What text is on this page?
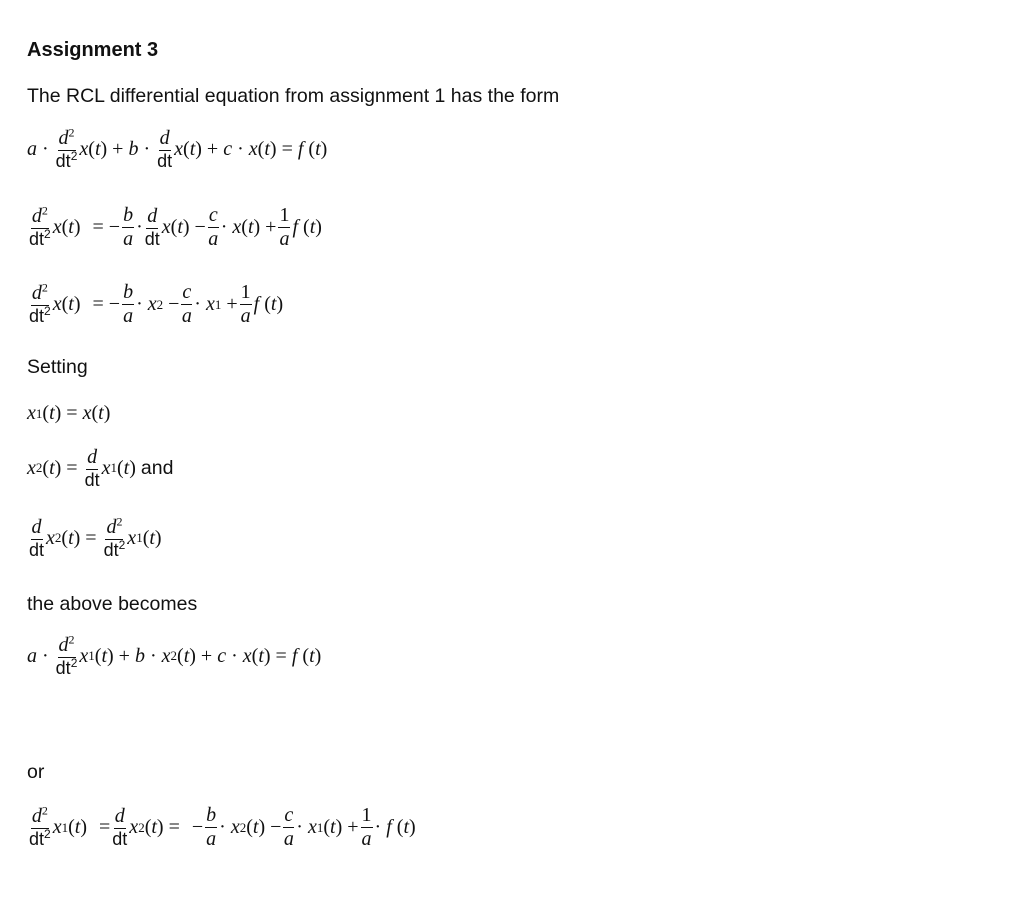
Assignment 3
The RCL differential equation from assignment 1 has the form
$a \cdot \frac{d^2}{dt^2}$ x ( t ) + $b \cdot \frac{d}{dt}$ x ( t ) + c · x ( t ) = f ( t )
$\frac{d^2}{dt^2}$ x ( t ) = − $\frac{b}{a} \cdot \frac{d}{dt}$ x ( t ) − $\frac{c}{a} \cdot x$ ( t ) + $\frac{1}{a}$ f ( t )
$\frac{d^2}{dt^2}$ x ( t ) = − $\frac{b}{a} \cdot x$ $2 - \frac{c}{a} \cdot x$ $1 + \frac{1}{a}$ f ( t )
Setting
x 1 ( t ) = x ( t )
x 2 ( t ) = $\frac{d}{dt}$ x 1 ( t ) and
$\frac{d}{dt}$ x 2 ( t ) = $\frac{d^2}{dt^2}$ x 1 ( t )
the above becomes
$a \cdot \frac{d^2}{dt^2}$ x 1 ( t ) + b · x 2 ( t ) + c · x ( t ) = f ( t )
or
$\frac{d^2}{dt^2}$ x 1 ( t ) = $\frac{d}{dt}$ x 2 ( t ) = − $\frac{b}{a} \cdot x$ 2 ( t ) − $\frac{c}{a} \cdot x$ 1 ( t ) + $\frac{1}{a} \cdot f$ ( t )
